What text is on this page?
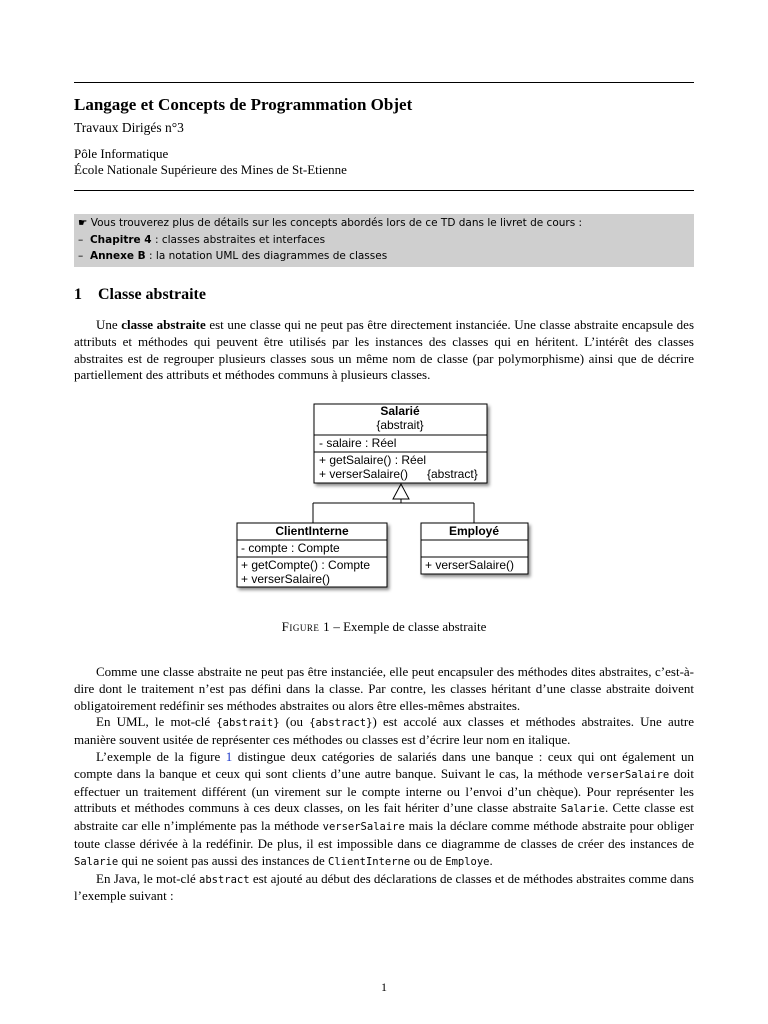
Langage et Concepts de Programmation Objet
Travaux Dirigés n°3
Pôle Informatique
École Nationale Supérieure des Mines de St-Etienne
☛ Vous trouverez plus de détails sur les concepts abordés lors de ce TD dans le livret de cours :
– Chapitre 4 : classes abstraites et interfaces
– Annexe B : la notation UML des diagrammes de classes
1 Classe abstraite

Une classe abstraite est une classe qui ne peut pas être directement instanciée. Une classe abstraite encapsule des attributs et méthodes qui peuvent être utilisés par les instances des classes qui en héritent. L’intérêt des classes abstraites est de regrouper plusieurs classes sous un même nom de classe (par polymorphisme) ainsi que de décrire partiellement des attributs et méthodes communs à plusieurs classes.

Salarié
{abstrait}
- salaire : Réel
+ getSalaire() : Réel
+ verserSalaire() {abstract}
ClientInterne
- compte : Compte
+ getCompte() : Compte
+ verserSalaire()
Employé
+ verserSalaire()
Figure 1 – Exemple de classe abstraite

Comme une classe abstraite ne peut pas être instanciée, elle peut encapsuler des méthodes dites abstraites, c’est-à-dire dont le traitement n’est pas défini dans la classe. Par contre, les classes héritant d’une classe abstraite doivent obligatoirement redéfinir ses méthodes abstraites ou alors être elles-mêmes abstraites.

En UML, le mot-clé {abstrait} (ou {abstract}) est accolé aux classes et méthodes abstraites. Une autre manière souvent usitée de représenter ces méthodes ou classes est d’écrire leur nom en italique.

L’exemple de la figure 1 distingue deux catégories de salariés dans une banque : ceux qui ont également un compte dans la banque et ceux qui sont clients d’une autre banque. Suivant le cas, la méthode verserSalaire doit effectuer un traitement différent (un virement sur le compte interne ou l’envoi d’un chèque). Pour représenter les attributs et méthodes communs à ces deux classes, on les fait hériter d’une classe abstraite Salarie. Cette classe est abstraite car elle n’implémente pas la méthode verserSalaire mais la déclare comme méthode abstraite pour obliger toute classe dérivée à la redéfinir. De plus, il est impossible dans ce diagramme de classes de créer des instances de Salarie qui ne soient pas aussi des instances de ClientInterne ou de Employe.

En Java, le mot-clé abstract est ajouté au début des déclarations de classes et de méthodes abstraites comme dans l’exemple suivant :

1
